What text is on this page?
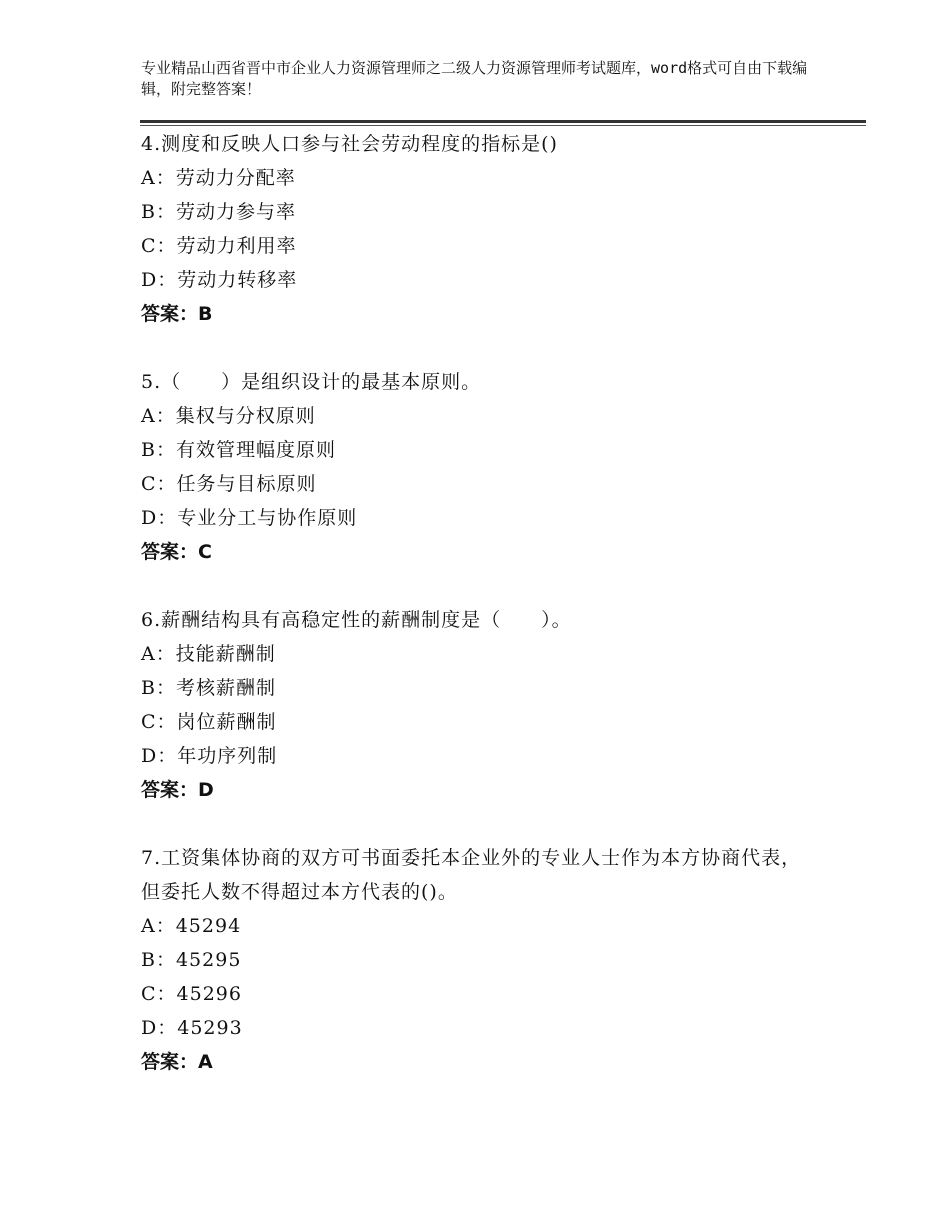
专业精品山西省晋中市企业人力资源管理师之二级人力资源管理师考试题库，word格式可自由下载编辑，附完整答案！

4.测度和反映人口参与社会劳动程度的指标是()

A：劳动力分配率
B：劳动力参与率
C：劳动力利用率
D：劳动力转移率
答案：B

5.（　　）是组织设计的最基本原则。

A：集权与分权原则
B：有效管理幅度原则
C：任务与目标原则
D：专业分工与协作原则
答案：C

6.薪酬结构具有高稳定性的薪酬制度是（　　）。

A：技能薪酬制
B：考核薪酬制
C：岗位薪酬制
D：年功序列制
答案：D

7.工资集体协商的双方可书面委托本企业外的专业人士作为本方协商代表，但委托人数不得超过本方代表的()。

A：45294
B：45295
C：45296
D：45293
答案：A
